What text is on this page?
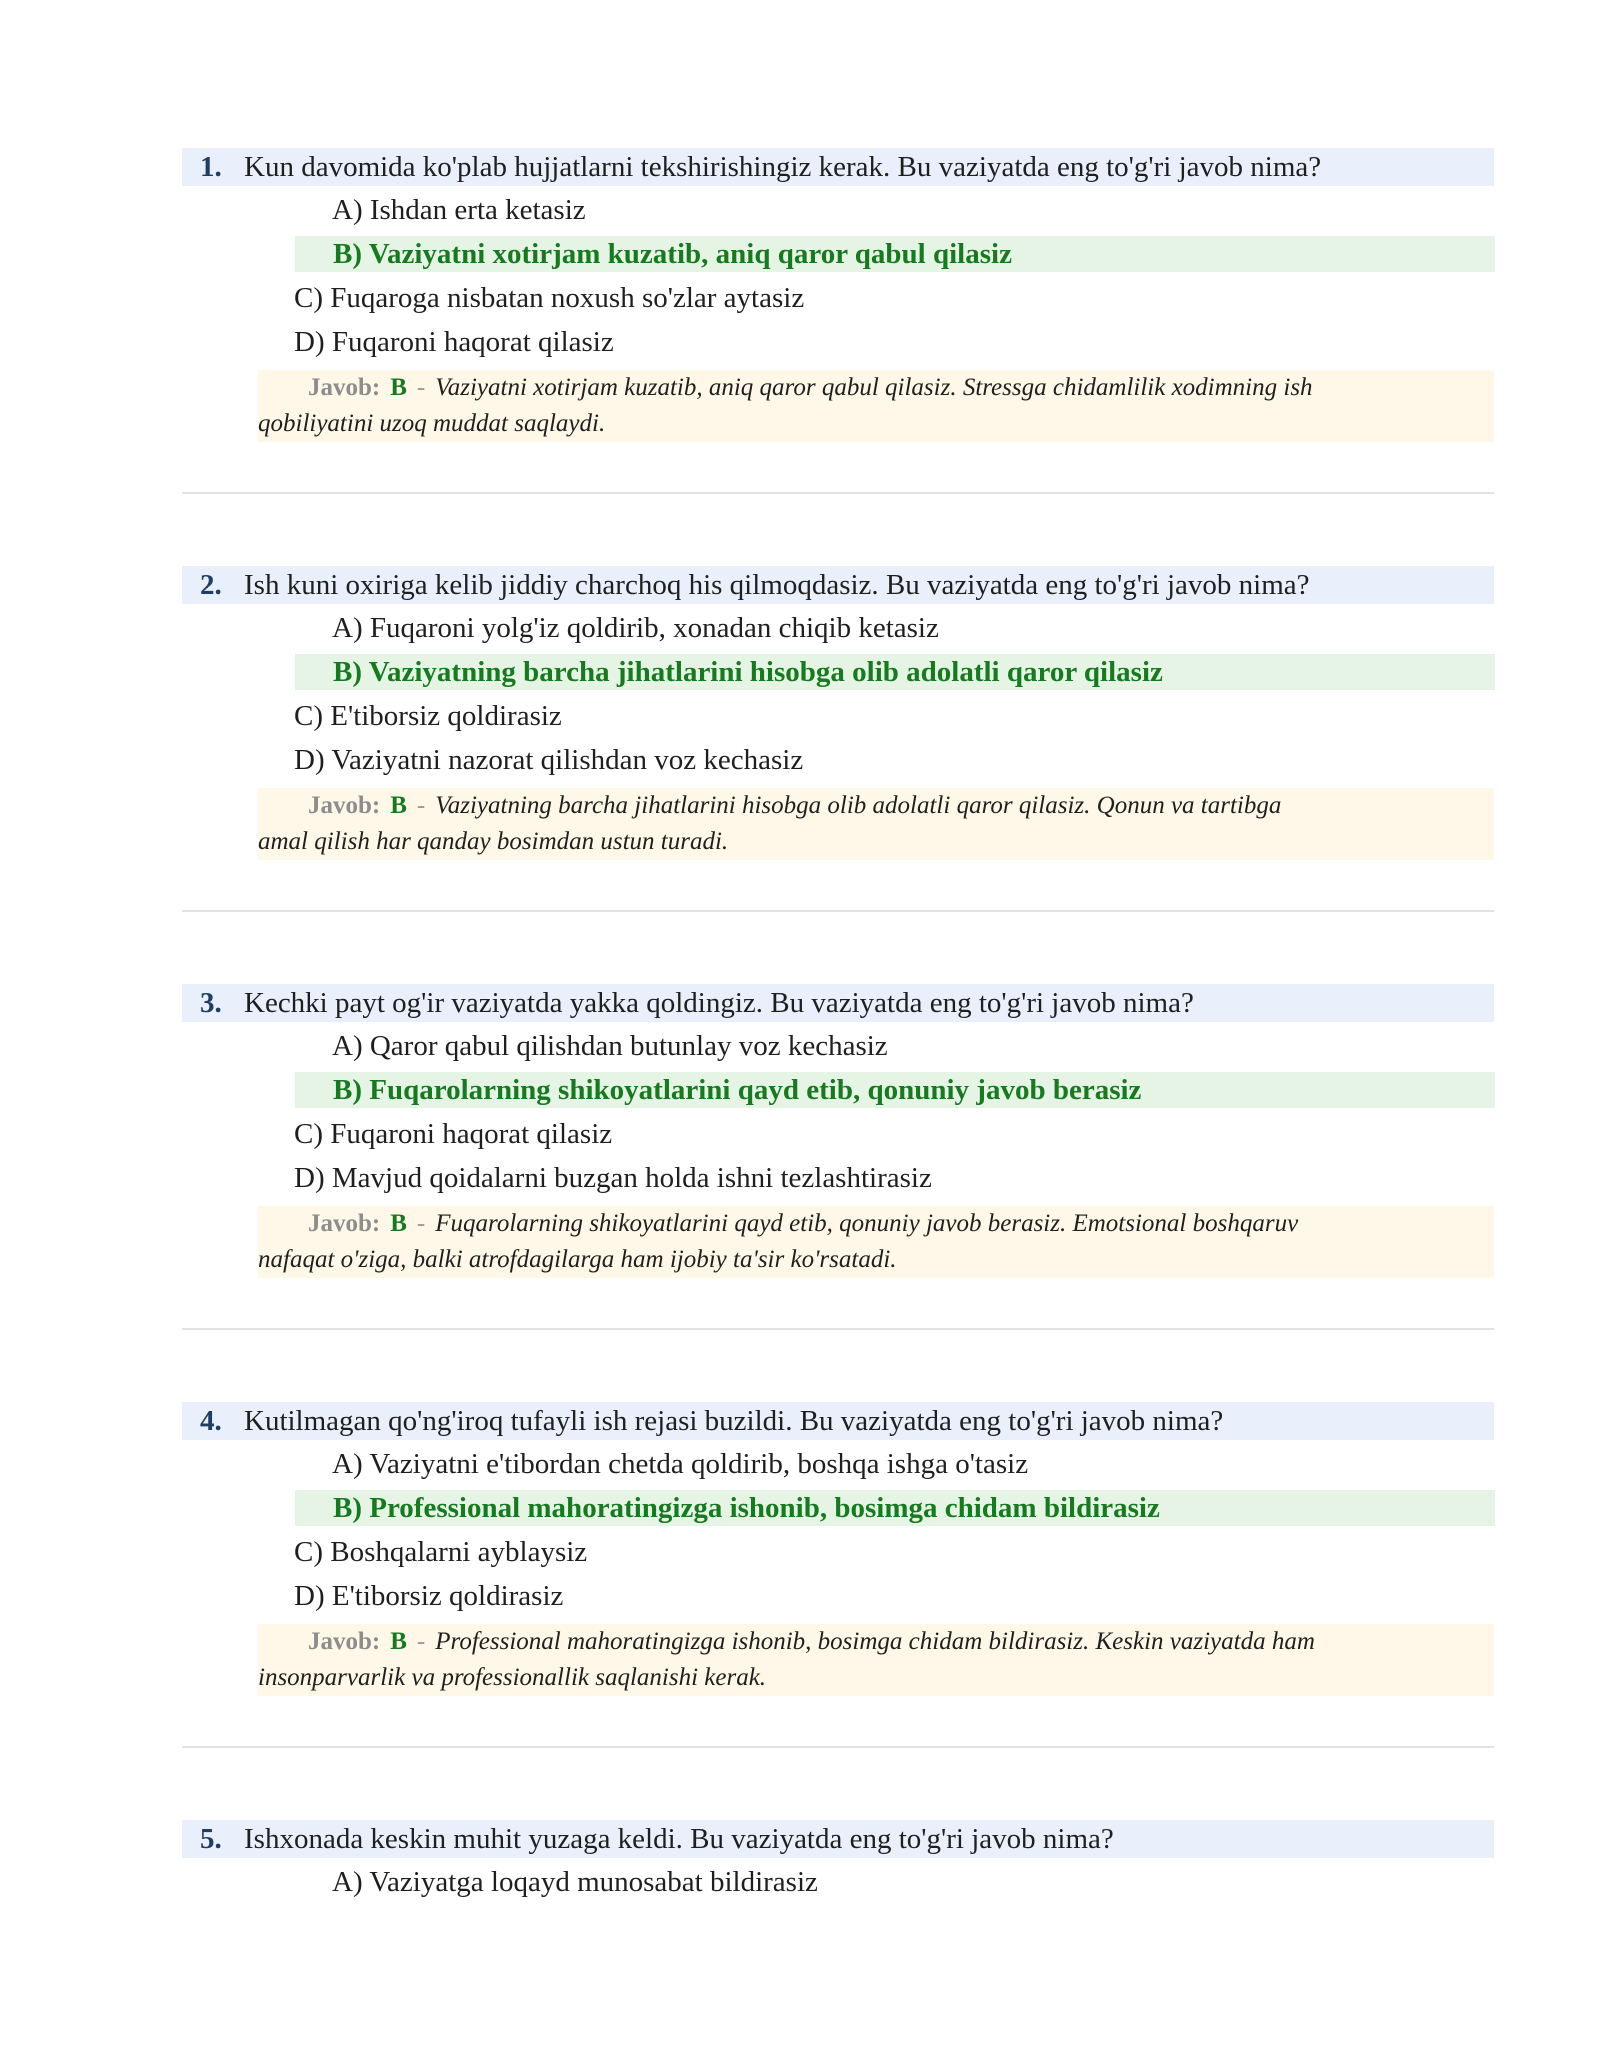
1. Kun davomida ko'plab hujjatlarni tekshirishingiz kerak. Bu vaziyatda eng to'g'ri javob nima?
A) Ishdan erta ketasiz
B) Vaziyatni xotirjam kuzatib, aniq qaror qabul qilasiz
C) Fuqaroga nisbatan noxush so'zlar aytasiz
D) Fuqaroni haqorat qilasiz
Javob: B - Vaziyatni xotirjam kuzatib, aniq qaror qabul qilasiz. Stressga chidamlilik xodimning ish
qobiliyatini uzoq muddat saqlaydi.
2. Ish kuni oxiriga kelib jiddiy charchoq his qilmoqdasiz. Bu vaziyatda eng to'g'ri javob nima?
A) Fuqaroni yolg'iz qoldirib, xonadan chiqib ketasiz
B) Vaziyatning barcha jihatlarini hisobga olib adolatli qaror qilasiz
C) E'tiborsiz qoldirasiz
D) Vaziyatni nazorat qilishdan voz kechasiz
Javob: B - Vaziyatning barcha jihatlarini hisobga olib adolatli qaror qilasiz. Qonun va tartibga
amal qilish har qanday bosimdan ustun turadi.
3. Kechki payt og'ir vaziyatda yakka qoldingiz. Bu vaziyatda eng to'g'ri javob nima?
A) Qaror qabul qilishdan butunlay voz kechasiz
B) Fuqarolarning shikoyatlarini qayd etib, qonuniy javob berasiz
C) Fuqaroni haqorat qilasiz
D) Mavjud qoidalarni buzgan holda ishni tezlashtirasiz
Javob: B - Fuqarolarning shikoyatlarini qayd etib, qonuniy javob berasiz. Emotsional boshqaruv
nafaqat o'ziga, balki atrofdagilarga ham ijobiy ta'sir ko'rsatadi.
4. Kutilmagan qo'ng'iroq tufayli ish rejasi buzildi. Bu vaziyatda eng to'g'ri javob nima?
A) Vaziyatni e'tibordan chetda qoldirib, boshqa ishga o'tasiz
B) Professional mahoratingizga ishonib, bosimga chidam bildirasiz
C) Boshqalarni ayblaysiz
D) E'tiborsiz qoldirasiz
Javob: B - Professional mahoratingizga ishonib, bosimga chidam bildirasiz. Keskin vaziyatda ham
insonparvarlik va professionallik saqlanishi kerak.
5. Ishxonada keskin muhit yuzaga keldi. Bu vaziyatda eng to'g'ri javob nima?
A) Vaziyatga loqayd munosabat bildirasiz
